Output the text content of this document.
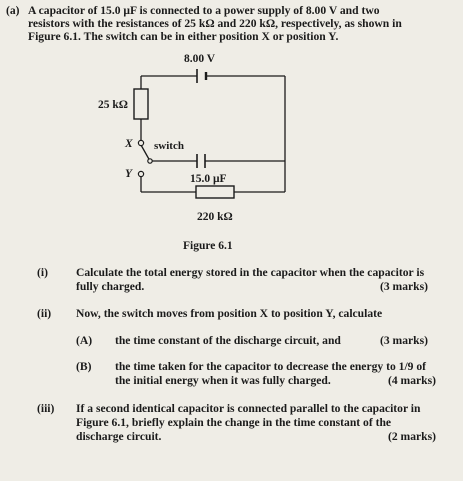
(a) A capacitor of 15.0 μF is connected to a power supply of 8.00 V and two
resistors with the resistances of 25 kΩ and 220 kΩ, respectively, as shown in
Figure 6.1. The switch can be in either position X or position Y.
8.00 V
25 kΩ
switch
X
Y	15.0 μF
220 kΩ
Figure 6.1
(i) Calculate the total energy stored in the capacitor when the capacitor is
fully charged.	(3 marks)
(ii) Now, the switch moves from position X to position Y, calculate
(A) the time constant of the discharge circuit, and	(3 marks)
(B) the time taken for the capacitor to decrease the energy to 1/9 of
the initial energy when it was fully charged.	(4 marks)
(iii) If a second identical capacitor is connected parallel to the capacitor in
Figure 6.1, briefly explain the change in the time constant of the
discharge circuit.	(2 marks)
